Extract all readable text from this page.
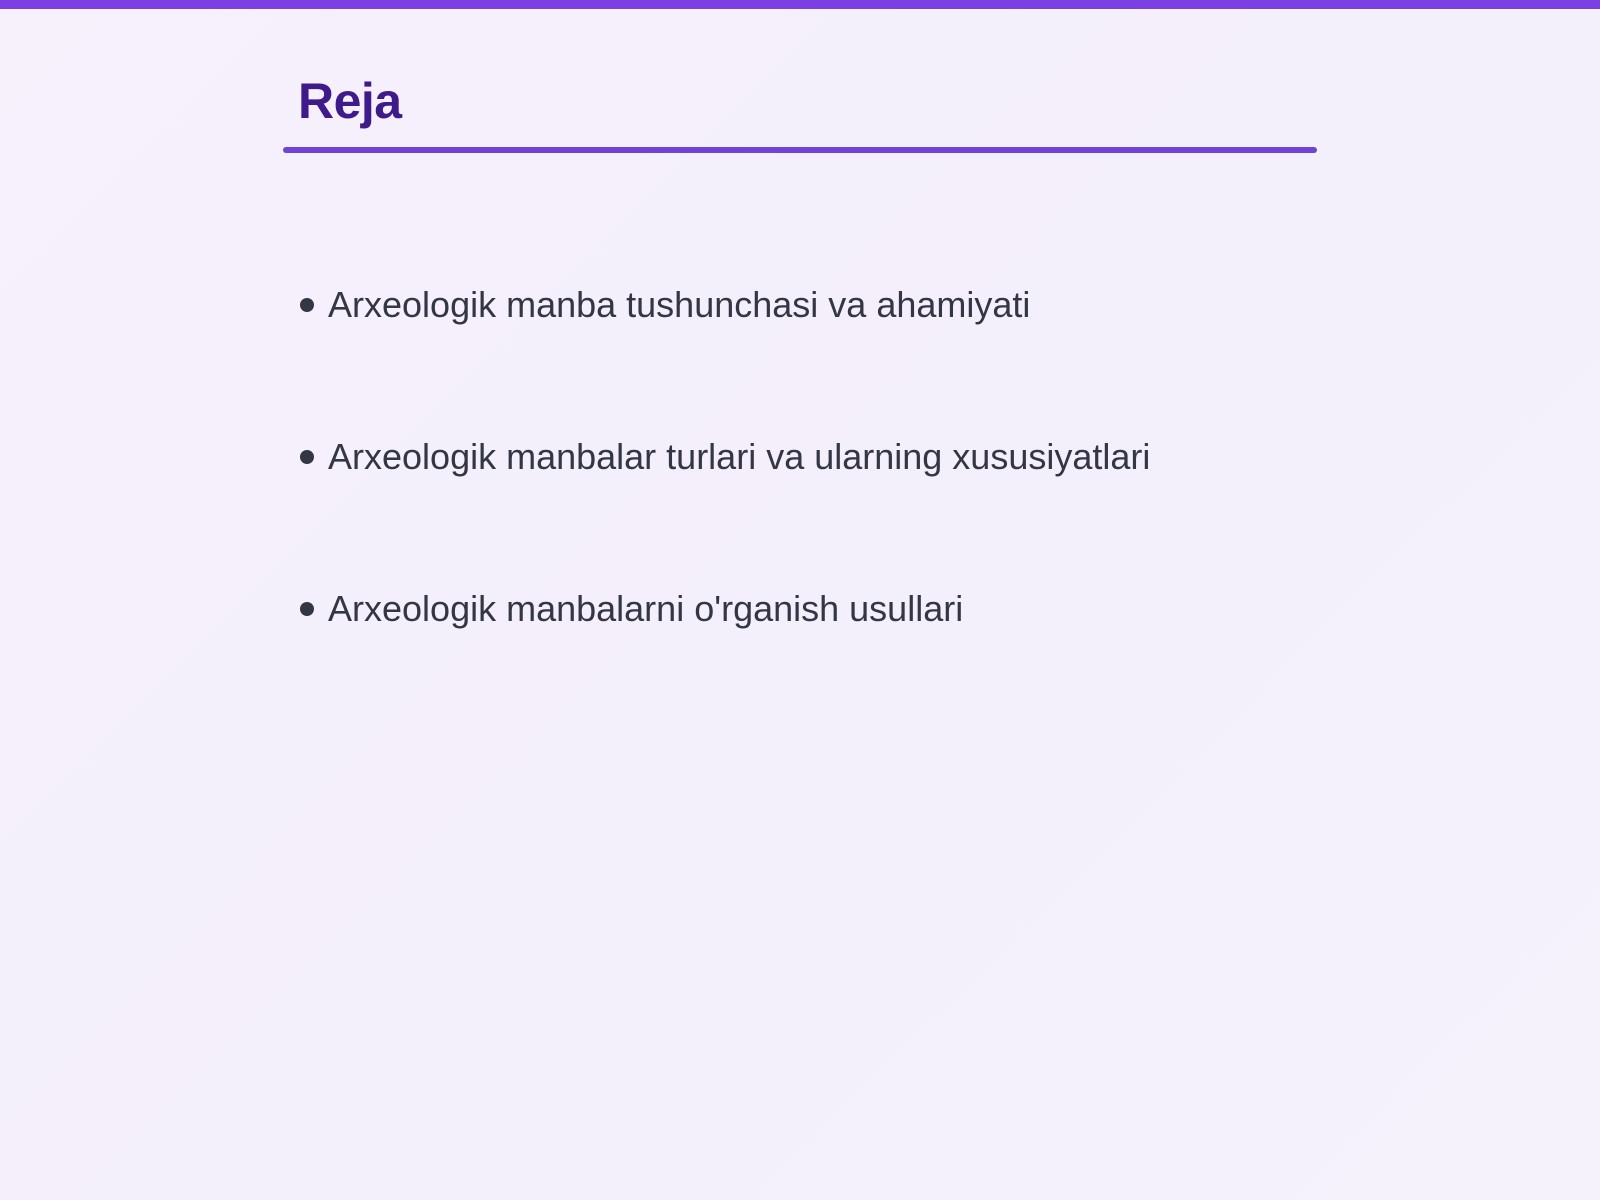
Reja
Arxeologik manba tushunchasi va ahamiyati
Arxeologik manbalar turlari va ularning xususiyatlari
Arxeologik manbalarni o'rganish usullari
